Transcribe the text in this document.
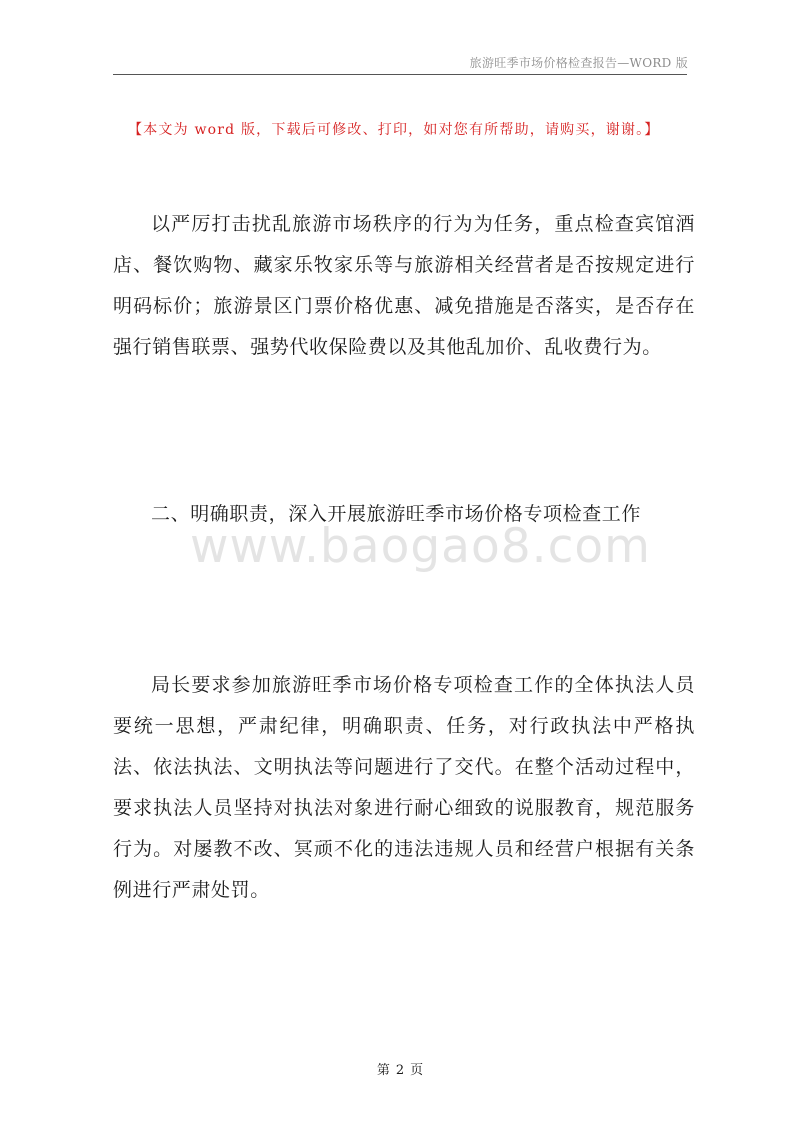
旅游旺季市场价格检查报告—WORD 版
【本文为 word 版，下载后可修改、打印，如对您有所帮助，请购买，谢谢。】

以严厉打击扰乱旅游市场秩序的行为为任务，重点检查宾馆酒店、餐饮购物、藏家乐牧家乐等与旅游相关经营者是否按规定进行明码标价；旅游景区门票价格优惠、减免措施是否落实，是否存在强行销售联票、强势代收保险费以及其他乱加价、乱收费行为。

www.baogao8.com

二、明确职责，深入开展旅游旺季市场价格专项检查工作

局长要求参加旅游旺季市场价格专项检查工作的全体执法人员要统一思想，严肃纪律，明确职责、任务，对行政执法中严格执法、依法执法、文明执法等问题进行了交代。在整个活动过程中，要求执法人员坚持对执法对象进行耐心细致的说服教育，规范服务行为。对屡教不改、冥顽不化的违法违规人员和经营户根据有关条例进行严肃处罚。

第 2 页
